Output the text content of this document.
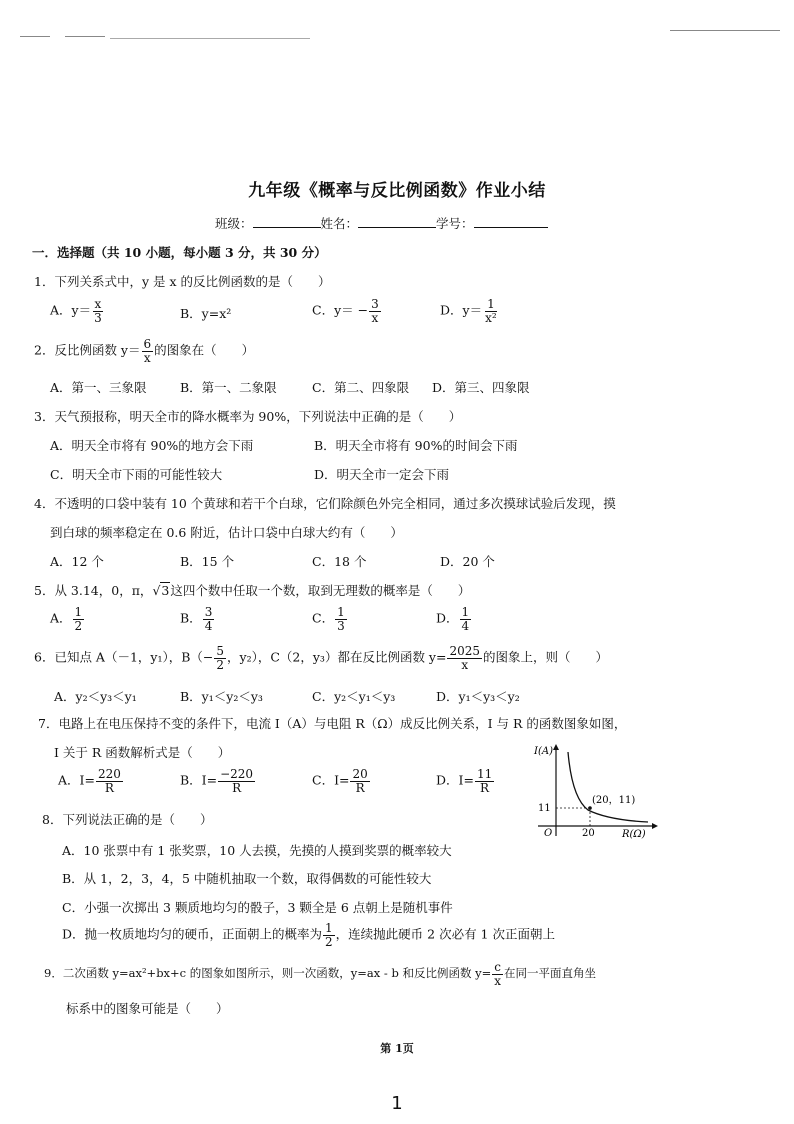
九年级《概率与反比例函数》作业小结
班级：	姓名：	学号：
一．选择题（共 10 小题，每小题 3 分，共 30 分）
1．下列关系式中，y 是 x 的反比例函数的是（　　）
A．$y= \frac{x}{3}$	B．y=x²	C．$y= - \frac{3}{x}$	D．$y= \frac{1}{\text{x²}}$
2．反比例函数 $y= \frac{6}{x}$ 的图象在（　　）
A．第一、三象限	B．第一、二象限	C．第二、四象限 D．第三、四象限
3．天气预报称，明天全市的降水概率为 90%，下列说法中正确的是（　　）
A．明天全市将有 90%的地方会下雨	B．明天全市将有 90%的时间会下雨
C．明天全市下雨的可能性较大	D．明天全市一定会下雨
4．不透明的口袋中装有 10 个黄球和若干个白球，它们除颜色外完全相同，通过多次摸球试验后发现，摸
到白球的频率稳定在 0.6 附近，估计口袋中白球大约有（　　）
A．12 个	B．15 个	C．18 个	D．20 个
5．从 3.14，0，π，√3这四个数中任取一个数，取到无理数的概率是（　　）
A． $\frac{1}{2}$	B． $\frac{3}{4}$	C． $\frac{1}{3}$	D． $\frac{1}{4}$
6．已知点 A（－1，y₁），$B(- \frac{5}{2}$ ，y₂），C（2，y₃）都在反比例函数 $y= \frac{2025}{x}$ 的图象上，则（　　）
A．y₂＜y₃＜y₁	B．y₁＜y₂＜y₃	C．y₂＜y₁＜y₃	D．y₁＜y₃＜y₂
7．电路上在电压保持不变的条件下，电流 I（A）与电阻 R（Ω）成反比例关系，I 与 R 的函数图象如图，
I 关于 R 函数解析式是（　　）
A．$I= \frac{220}{R}$	B．$I= \frac{-220}{R}$	C．$I= \frac{20}{R}$	D．$I= \frac{11}{R}$
I(A)
R(Ω)
O	20
11
(20，11)
8．下列说法正确的是（　　）
A．10 张票中有 1 张奖票，10 人去摸，先摸的人摸到奖票的概率较大
B．从 1，2，3，4，5 中随机抽取一个数，取得偶数的可能性较大
C．小强一次掷出 3 颗质地均匀的骰子，3 颗全是 6 点朝上是随机事件
D．抛一枚质地均匀的硬币，正面朝上的概率为 $\frac{1}{2}$ ，连续抛此硬币 2 次必有 1 次正面朝上
9．二次函数 y=ax²+bx+c 的图象如图所示，则一次函数，y=ax - b 和反比例函数 $y= \frac{c}{x}$ 在同一平面直角坐
标系中的图象可能是（　　）
第 1页
1
